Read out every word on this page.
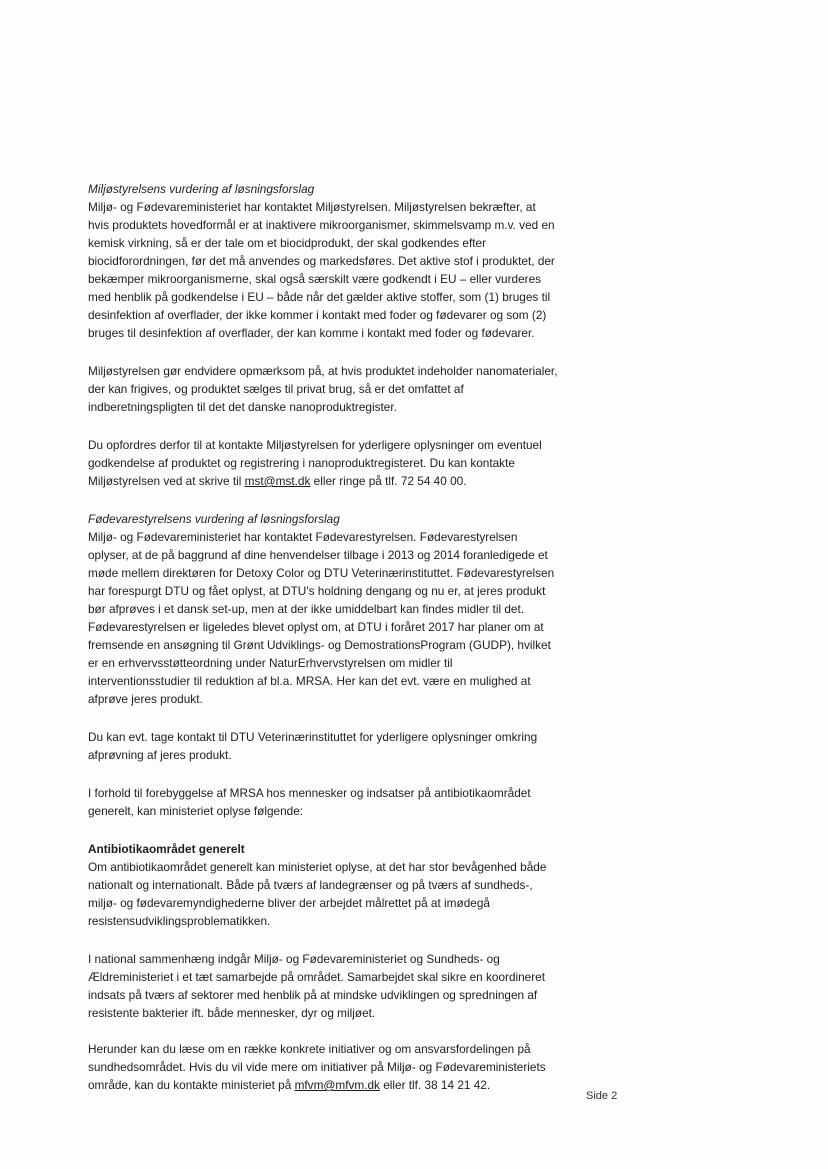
Miljøstyrelsens vurdering af løsningsforslag

Miljø- og Fødevareministeriet har kontaktet Miljøstyrelsen. Miljøstyrelsen bekræfter, at hvis produktets hovedformål er at inaktivere mikroorganismer, skimmelsvamp m.v. ved en kemisk virkning, så er der tale om et biocidprodukt, der skal godkendes efter biocidforordningen, før det må anvendes og markedsføres. Det aktive stof i produktet, der bekæmper mikroorganismerne, skal også særskilt være godkendt i EU – eller vurderes med henblik på godkendelse i EU – både når det gælder aktive stoffer, som (1) bruges til desinfektion af overflader, der ikke kommer i kontakt med foder og fødevarer og som (2) bruges til desinfektion af overflader, der kan komme i kontakt med foder og fødevarer.

Miljøstyrelsen gør endvidere opmærksom på, at hvis produktet indeholder nanomaterialer, der kan frigives, og produktet sælges til privat brug, så er det omfattet af indberetningspligten til det det danske nanoproduktregister.

Du opfordres derfor til at kontakte Miljøstyrelsen for yderligere oplysninger om eventuel godkendelse af produktet og registrering i nanoproduktregisteret. Du kan kontakte Miljøstyrelsen ved at skrive til mst@mst.dk eller ringe på tlf. 72 54 40 00.

Fødevarestyrelsens vurdering af løsningsforslag

Miljø- og Fødevareministeriet har kontaktet Fødevarestyrelsen. Fødevarestyrelsen oplyser, at de på baggrund af dine henvendelser tilbage i 2013 og 2014 foranledigede et møde mellem direktøren for Detoxy Color og DTU Veterinærinstituttet. Fødevarestyrelsen har forespurgt DTU og fået oplyst, at DTU's holdning dengang og nu er, at jeres produkt bør afprøves i et dansk set-up, men at der ikke umiddelbart kan findes midler til det. Fødevarestyrelsen er ligeledes blevet oplyst om, at DTU i foråret 2017 har planer om at fremsende en ansøgning til Grønt Udviklings- og DemostrationsProgram (GUDP), hvilket er en erhvervsstøtteordning under NaturErhvervstyrelsen om midler til interventionsstudier til reduktion af bl.a. MRSA. Her kan det evt. være en mulighed at afprøve jeres produkt.

Du kan evt. tage kontakt til DTU Veterinærinstituttet for yderligere oplysninger omkring afprøvning af jeres produkt.

I forhold til forebyggelse af MRSA hos mennesker og indsatser på antibiotikaområdet generelt, kan ministeriet oplyse følgende:

Antibiotikaområdet generelt

Om antibiotikaområdet generelt kan ministeriet oplyse, at det har stor bevågenhed både nationalt og internationalt. Både på tværs af landegrænser og på tværs af sundheds-, miljø- og fødevaremyndighederne bliver der arbejdet målrettet på at imødegå resistensudviklingsproblematikken.

I national sammenhæng indgår Miljø- og Fødevareministeriet og Sundheds- og Ældreministeriet i et tæt samarbejde på området. Samarbejdet skal sikre en koordineret indsats på tværs af sektorer med henblik på at mindske udviklingen og spredningen af resistente bakterier ift. både mennesker, dyr og miljøet.

Herunder kan du læse om en række konkrete initiativer og om ansvarsfordelingen på sundhedsområdet. Hvis du vil vide mere om initiativer på Miljø- og Fødevareministeriets område, kan du kontakte ministeriet på mfvm@mfvm.dk eller tlf. 38 14 21 42.

Side 2
